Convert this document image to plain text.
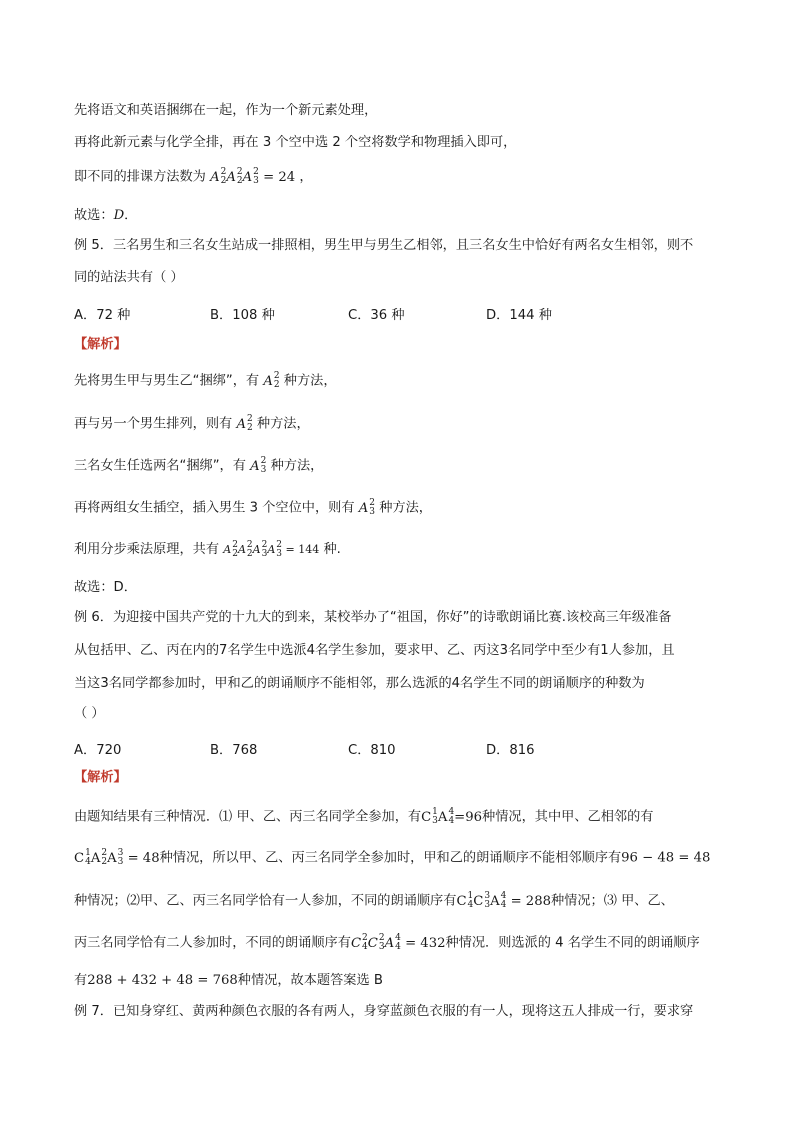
先将语文和英语捆绑在一起，作为一个新元素处理，
再将此新元素与化学全排，再在 3 个空中选 2 个空将数学和物理插入即可，
即不同的排课方法数为 A 2
2 A 2
2 A 2
3 = 24 ，
故选：D．
例 5．三名男生和三名女生站成一排照相，男生甲与男生乙相邻，且三名女生中恰好有两名女生相邻，则不
同的站法共有（ ）
A．72 种	B．108 种	C．36 种	D．144 种
【解析】
先将男生甲与男生乙“捆绑”，有 A 2
2 种方法，
再与另一个男生排列，则有 A 2
2 种方法，
三名女生任选两名“捆绑”，有 A 2
3 种方法，
再将两组女生插空，插入男生 3 个空位中，则有 A 2
3 种方法，
利用分步乘法原理，共有 A 2
2 A 2
2 A 2
3 A 2
3 = 144 种.
故选：D．
例 6．为迎接中国共产党的十九大的到来，某校举办了“祖国，你好”的诗歌朗诵比赛.该校高三年级准备
从包括甲、乙、丙在内的7名学生中选派4名学生参加，要求甲、乙、丙这3名同学中至少有1人参加，且
当这3名同学都参加时，甲和乙的朗诵顺序不能相邻，那么选派的4名学生不同的朗诵顺序的种数为
（ ）
A．720	B．768	C．810	D．816
【解析】
由题知结果有三种情况．⑴ 甲、乙、丙三名同学全参加，有C 1
3 A 4
4 =96种情况，其中甲、乙相邻的有
C 1
4 A 2
2 A 3
3 = 48种情况，所以甲、乙、丙三名同学全参加时，甲和乙的朗诵顺序不能相邻顺序有96 − 48 = 48
种情况；⑵甲、乙、丙三名同学恰有一人参加，不同的朗诵顺序有C 1
4 C 3
3 A 4
4 = 288种情况；⑶ 甲、乙、
丙三名同学恰有二人参加时，不同的朗诵顺序有C 2
4 C 2
3 A 4
4 = 432种情况．则选派的 4 名学生不同的朗诵顺序
有288 + 432 + 48 = 768种情况，故本题答案选 B
例 7．已知身穿红、黄两种颜色衣服的各有两人，身穿蓝颜色衣服的有一人，现将这五人排成一行，要求穿
